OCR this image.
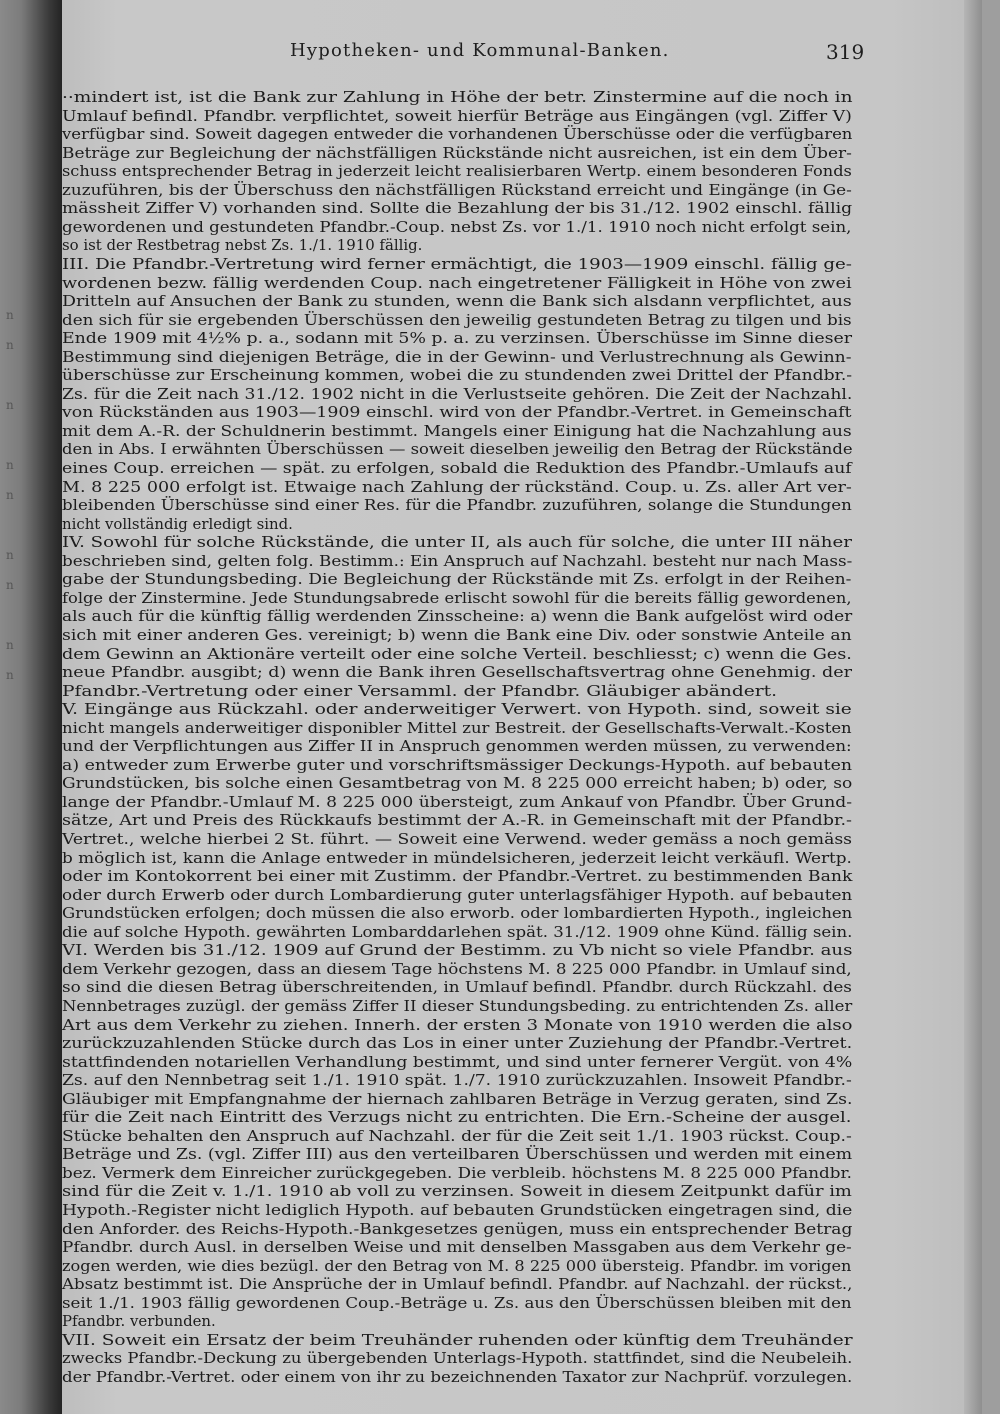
n
n

n

n
n

n
n

n
n
Hypotheken- und Kommunal-Banken.	319
··mindert ist, ist die Bank zur Zahlung in Höhe der betr. Zinstermine auf die noch in
Umlauf befindl. Pfandbr. verpflichtet, soweit hierfür Beträge aus Eingängen (vgl. Ziffer V)
verfügbar sind. Soweit dagegen entweder die vorhandenen Überschüsse oder die verfügbaren
Beträge zur Begleichung der nächstfälligen Rückstände nicht ausreichen, ist ein dem Über-
schuss entsprechender Betrag in jederzeit leicht realisierbaren Wertp. einem besonderen Fonds
zuzuführen, bis der Überschuss den nächstfälligen Rückstand erreicht und Eingänge (in Ge-
mässheit Ziffer V) vorhanden sind. Sollte die Bezahlung der bis 31./12. 1902 einschl. fällig
gewordenen und gestundeten Pfandbr.-Coup. nebst Zs. vor 1./1. 1910 noch nicht erfolgt sein,
so ist der Restbetrag nebst Zs. 1./1. 1910 fällig.
III. Die Pfandbr.-Vertretung wird ferner ermächtigt, die 1903—1909 einschl. fällig ge-
wordenen bezw. fällig werdenden Coup. nach eingetretener Fälligkeit in Höhe von zwei
Dritteln auf Ansuchen der Bank zu stunden, wenn die Bank sich alsdann verpflichtet, aus
den sich für sie ergebenden Überschüssen den jeweilig gestundeten Betrag zu tilgen und bis
Ende 1909 mit 4½% p. a., sodann mit 5% p. a. zu verzinsen. Überschüsse im Sinne dieser
Bestimmung sind diejenigen Beträge, die in der Gewinn- und Verlustrechnung als Gewinn-
überschüsse zur Erscheinung kommen, wobei die zu stundenden zwei Drittel der Pfandbr.-
Zs. für die Zeit nach 31./12. 1902 nicht in die Verlustseite gehören. Die Zeit der Nachzahl.
von Rückständen aus 1903—1909 einschl. wird von der Pfandbr.-Vertret. in Gemeinschaft
mit dem A.-R. der Schuldnerin bestimmt. Mangels einer Einigung hat die Nachzahlung aus
den in Abs. I erwähnten Überschüssen — soweit dieselben jeweilig den Betrag der Rückstände
eines Coup. erreichen — spät. zu erfolgen, sobald die Reduktion des Pfandbr.-Umlaufs auf
M. 8 225 000 erfolgt ist. Etwaige nach Zahlung der rückständ. Coup. u. Zs. aller Art ver-
bleibenden Überschüsse sind einer Res. für die Pfandbr. zuzuführen, solange die Stundungen
nicht vollständig erledigt sind.
IV. Sowohl für solche Rückstände, die unter II, als auch für solche, die unter III näher
beschrieben sind, gelten folg. Bestimm.: Ein Anspruch auf Nachzahl. besteht nur nach Mass-
gabe der Stundungsbeding. Die Begleichung der Rückstände mit Zs. erfolgt in der Reihen-
folge der Zinstermine. Jede Stundungsabrede erlischt sowohl für die bereits fällig gewordenen,
als auch für die künftig fällig werdenden Zinsscheine: a) wenn die Bank aufgelöst wird oder
sich mit einer anderen Ges. vereinigt; b) wenn die Bank eine Div. oder sonstwie Anteile an
dem Gewinn an Aktionäre verteilt oder eine solche Verteil. beschliesst; c) wenn die Ges.
neue Pfandbr. ausgibt; d) wenn die Bank ihren Gesellschaftsvertrag ohne Genehmig. der
Pfandbr.-Vertretung oder einer Versamml. der Pfandbr. Gläubiger abändert.
V. Eingänge aus Rückzahl. oder anderweitiger Verwert. von Hypoth. sind, soweit sie
nicht mangels anderweitiger disponibler Mittel zur Bestreit. der Gesellschafts-Verwalt.-Kosten
und der Verpflichtungen aus Ziffer II in Anspruch genommen werden müssen, zu verwenden:
a) entweder zum Erwerbe guter und vorschriftsmässiger Deckungs-Hypoth. auf bebauten
Grundstücken, bis solche einen Gesamtbetrag von M. 8 225 000 erreicht haben; b) oder, so
lange der Pfandbr.-Umlauf M. 8 225 000 übersteigt, zum Ankauf von Pfandbr. Über Grund-
sätze, Art und Preis des Rückkaufs bestimmt der A.-R. in Gemeinschaft mit der Pfandbr.-
Vertret., welche hierbei 2 St. führt. — Soweit eine Verwend. weder gemäss a noch gemäss
b möglich ist, kann die Anlage entweder in mündelsicheren, jederzeit leicht verkäufl. Wertp.
oder im Kontokorrent bei einer mit Zustimm. der Pfandbr.-Vertret. zu bestimmenden Bank
oder durch Erwerb oder durch Lombardierung guter unterlagsfähiger Hypoth. auf bebauten
Grundstücken erfolgen; doch müssen die also erworb. oder lombardierten Hypoth., ingleichen
die auf solche Hypoth. gewährten Lombarddarlehen spät. 31./12. 1909 ohne Künd. fällig sein.
VI. Werden bis 31./12. 1909 auf Grund der Bestimm. zu Vb nicht so viele Pfandbr. aus
dem Verkehr gezogen, dass an diesem Tage höchstens M. 8 225 000 Pfandbr. in Umlauf sind,
so sind die diesen Betrag überschreitenden, in Umlauf befindl. Pfandbr. durch Rückzahl. des
Nennbetrages zuzügl. der gemäss Ziffer II dieser Stundungsbeding. zu entrichtenden Zs. aller
Art aus dem Verkehr zu ziehen. Innerh. der ersten 3 Monate von 1910 werden die also
zurückzuzahlenden Stücke durch das Los in einer unter Zuziehung der Pfandbr.-Vertret.
stattfindenden notariellen Verhandlung bestimmt, und sind unter fernerer Vergüt. von 4%
Zs. auf den Nennbetrag seit 1./1. 1910 spät. 1./7. 1910 zurückzuzahlen. Insoweit Pfandbr.-
Gläubiger mit Empfangnahme der hiernach zahlbaren Beträge in Verzug geraten, sind Zs.
für die Zeit nach Eintritt des Verzugs nicht zu entrichten. Die Ern.-Scheine der ausgel.
Stücke behalten den Anspruch auf Nachzahl. der für die Zeit seit 1./1. 1903 rückst. Coup.-
Beträge und Zs. (vgl. Ziffer III) aus den verteilbaren Überschüssen und werden mit einem
bez. Vermerk dem Einreicher zurückgegeben. Die verbleib. höchstens M. 8 225 000 Pfandbr.
sind für die Zeit v. 1./1. 1910 ab voll zu verzinsen. Soweit in diesem Zeitpunkt dafür im
Hypoth.-Register nicht lediglich Hypoth. auf bebauten Grundstücken eingetragen sind, die
den Anforder. des Reichs-Hypoth.-Bankgesetzes genügen, muss ein entsprechender Betrag
Pfandbr. durch Ausl. in derselben Weise und mit denselben Massgaben aus dem Verkehr ge-
zogen werden, wie dies bezügl. der den Betrag von M. 8 225 000 übersteig. Pfandbr. im vorigen
Absatz bestimmt ist. Die Ansprüche der in Umlauf befindl. Pfandbr. auf Nachzahl. der rückst.,
seit 1./1. 1903 fällig gewordenen Coup.-Beträge u. Zs. aus den Überschüssen bleiben mit den
Pfandbr. verbunden.
VII. Soweit ein Ersatz der beim Treuhänder ruhenden oder künftig dem Treuhänder
zwecks Pfandbr.-Deckung zu übergebenden Unterlags-Hypoth. stattfindet, sind die Neubeleih.
der Pfandbr.-Vertret. oder einem von ihr zu bezeichnenden Taxator zur Nachprüf. vorzulegen.
